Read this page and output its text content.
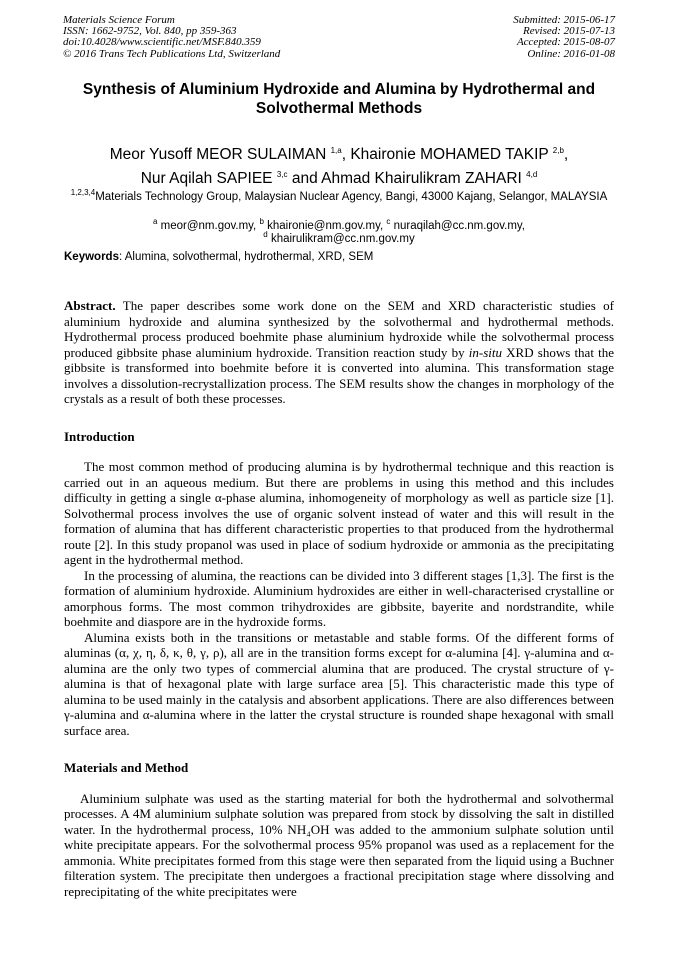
Materials Science Forum
ISSN: 1662-9752, Vol. 840, pp 359-363
doi:10.4028/www.scientific.net/MSF.840.359
© 2016 Trans Tech Publications Ltd, Switzerland
Submitted: 2015-06-17
Revised: 2015-07-13
Accepted: 2015-08-07
Online: 2016-01-08
Synthesis of Aluminium Hydroxide and Alumina by Hydrothermal and Solvothermal Methods
Meor Yusoff MEOR SULAIMAN $^{1,a}$, Khaironie MOHAMED TAKIP $^{2,b}$,
Nur Aqilah SAPIEE $^{3,c}$ and Ahmad Khairulikram ZAHARI $^{4,d}$
$^{1,2,3,4}$Materials Technology Group, Malaysian Nuclear Agency, Bangi, 43000 Kajang, Selangor, MALAYSIA
$^a$ meor@nm.gov.my, $^b$ khaironie@nm.gov.my, $^c$ nuraqilah@cc.nm.gov.my,
$^d$ khairulikram@cc.nm.gov.my
Keywords: Alumina, solvothermal, hydrothermal, XRD, SEM

Abstract. The paper describes some work done on the SEM and XRD characteristic studies of aluminium hydroxide and alumina synthesized by the solvothermal and hydrothermal methods. Hydrothermal process produced boehmite phase aluminium hydroxide while the solvothermal process produced gibbsite phase aluminium hydroxide. Transition reaction study by in-situ XRD shows that the gibbsite is transformed into boehmite before it is converted into alumina. This transformation stage involves a dissolution-recrystallization process. The SEM results show the changes in morphology of the crystals as a result of both these processes.

Introduction

The most common method of producing alumina is by hydrothermal technique and this reaction is carried out in an aqueous medium. But there are problems in using this method and this includes difficulty in getting a single α-phase alumina, inhomogeneity of morphology as well as particle size [1]. Solvothermal process involves the use of organic solvent instead of water and this will result in the formation of alumina that has different characteristic properties to that produced from the hydrothermal route [2]. In this study propanol was used in place of sodium hydroxide or ammonia as the precipitating agent in the hydrothermal method.

In the processing of alumina, the reactions can be divided into 3 different stages [1,3]. The first is the formation of aluminium hydroxide. Aluminium hydroxides are either in well-characterised crystalline or amorphous forms. The most common trihydroxides are gibbsite, bayerite and nordstrandite, while boehmite and diaspore are in the hydroxide forms.

Alumina exists both in the transitions or metastable and stable forms. Of the different forms of aluminas (α, χ, η, δ, κ, θ, γ, ρ), all are in the transition forms except for α-alumina [4]. γ-alumina and α-alumina are the only two types of commercial alumina that are produced. The crystal structure of γ-alumina is that of hexagonal plate with large surface area [5]. This characteristic made this type of alumina to be used mainly in the catalysis and absorbent applications. There are also differences between γ-alumina and α-alumina where in the latter the crystal structure is rounded shape hexagonal with small surface area.

Materials and Method

Aluminium sulphate was used as the starting material for both the hydrothermal and solvothermal processes. A 4M aluminium sulphate solution was prepared from stock by dissolving the salt in distilled water. In the hydrothermal process, 10% NH₄OH was added to the ammonium sulphate solution until white precipitate appears. For the solvothermal process 95% propanol was used as a replacement for the ammonia. White precipitates formed from this stage were then separated from the liquid using a Buchner filteration system. The precipitate then undergoes a fractional precipitation stage where dissolving and reprecipitating of the white precipitates were
